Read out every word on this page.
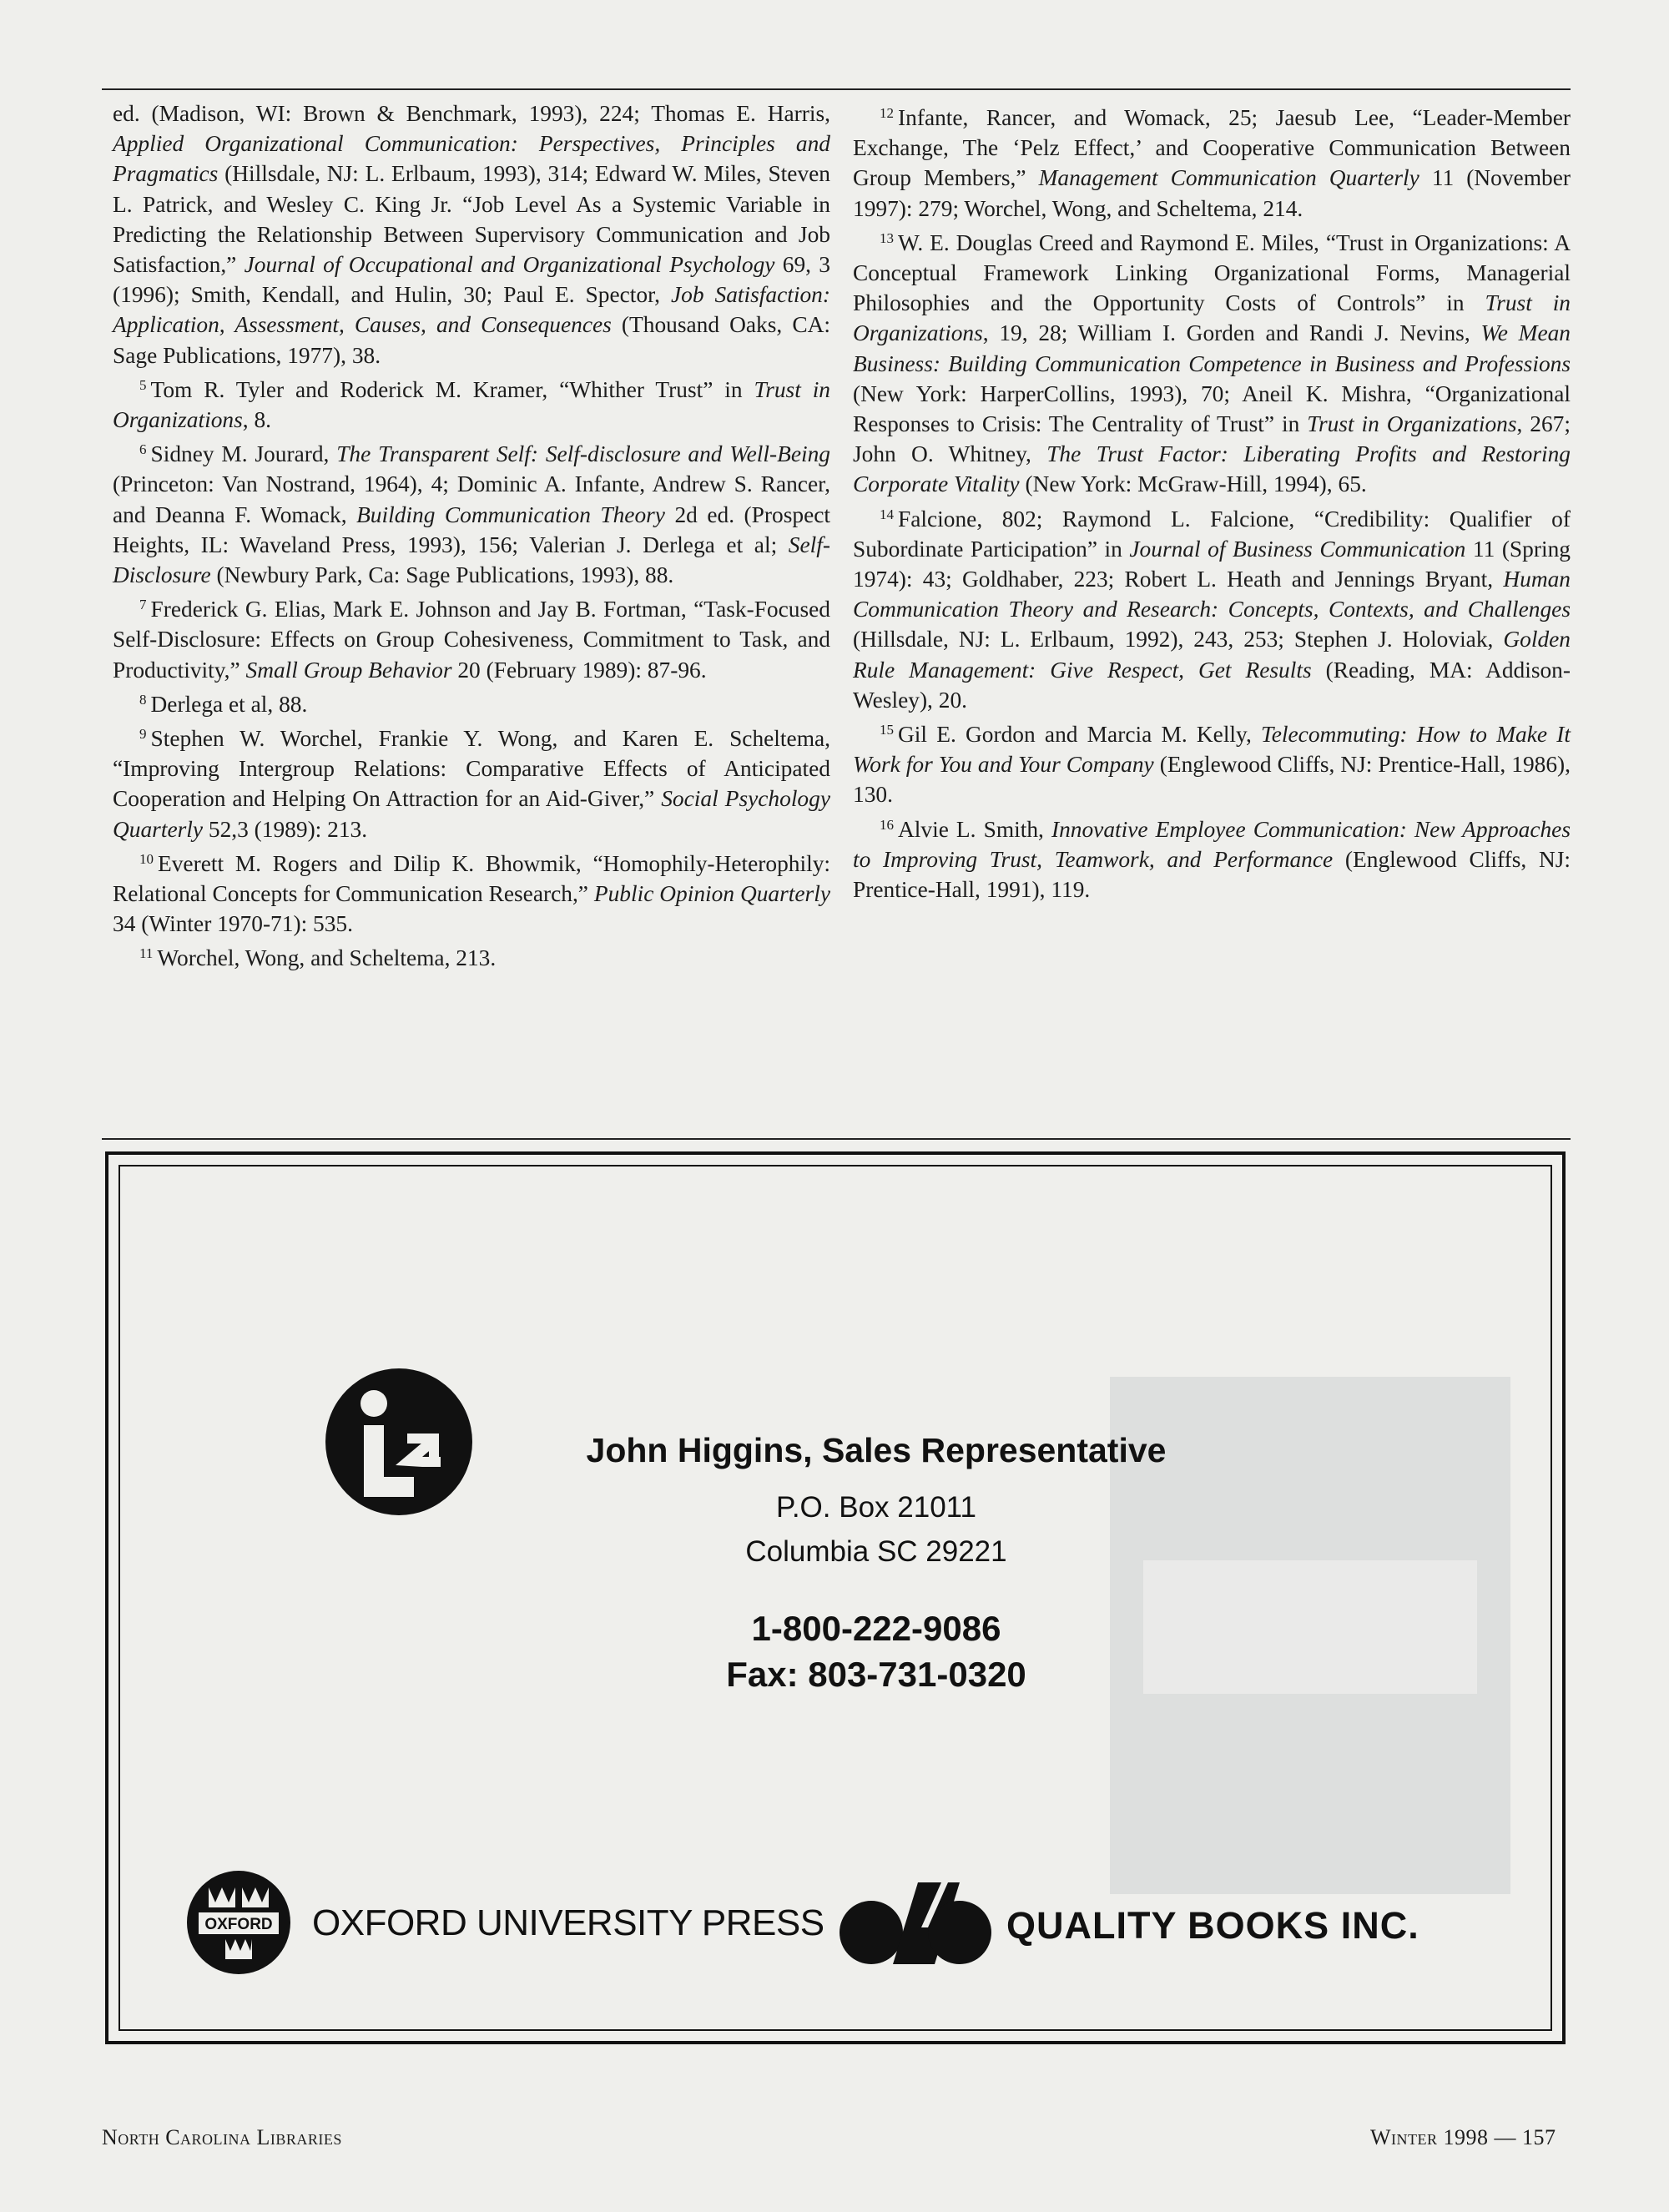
ed. (Madison, WI: Brown & Benchmark, 1993), 224; Thomas E. Harris, Applied Organizational Communication: Perspectives, Principles and Pragmatics (Hillsdale, NJ: L. Erlbaum, 1993), 314; Edward W. Miles, Steven L. Patrick, and Wesley C. King Jr. “Job Level As a Systemic Variable in Predicting the Relationship Between Supervisory Communication and Job Satisfaction,” Journal of Occupational and Organizational Psychology 69, 3 (1996); Smith, Kendall, and Hulin, 30; Paul E. Spector, Job Satisfaction: Application, Assessment, Causes, and Consequences (Thousand Oaks, CA: Sage Publications, 1977), 38.

$^5$ Tom R. Tyler and Roderick M. Kramer, “Whither Trust” in Trust in Organizations, 8.

$^6$ Sidney M. Jourard, The Transparent Self: Self-disclosure and Well-Being (Princeton: Van Nostrand, 1964), 4; Dominic A. Infante, Andrew S. Rancer, and Deanna F. Womack, Building Communication Theory 2d ed. (Prospect Heights, IL: Waveland Press, 1993), 156; Valerian J. Derlega et al; Self-Disclosure (Newbury Park, Ca: Sage Publications, 1993), 88.

$^7$ Frederick G. Elias, Mark E. Johnson and Jay B. Fortman, “Task-Focused Self-Disclosure: Effects on Group Cohesiveness, Commitment to Task, and Productivity,” Small Group Behavior 20 (February 1989): 87-96.

$^8$ Derlega et al, 88.

$^9$ Stephen W. Worchel, Frankie Y. Wong, and Karen E. Scheltema, “Improving Intergroup Relations: Comparative Effects of Anticipated Cooperation and Helping On Attraction for an Aid-Giver,” Social Psychology Quarterly 52,3 (1989): 213.

$^{10}$ Everett M. Rogers and Dilip K. Bhowmik, “Homophily-Heterophily: Relational Concepts for Communication Research,” Public Opinion Quarterly 34 (Winter 1970-71): 535.

$^{11}$ Worchel, Wong, and Scheltema, 213.

$^{12}$ Infante, Rancer, and Womack, 25; Jaesub Lee, “Leader-Member Exchange, The ‘Pelz Effect,’ and Cooperative Communication Between Group Members,” Management Communication Quarterly 11 (November 1997): 279; Worchel, Wong, and Scheltema, 214.

$^{13}$ W. E. Douglas Creed and Raymond E. Miles, “Trust in Organizations: A Conceptual Framework Linking Organizational Forms, Managerial Philosophies and the Opportunity Costs of Controls” in Trust in Organizations, 19, 28; William I. Gorden and Randi J. Nevins, We Mean Business: Building Communication Competence in Business and Professions (New York: HarperCollins, 1993), 70; Aneil K. Mishra, “Organizational Responses to Crisis: The Centrality of Trust” in Trust in Organizations, 267; John O. Whitney, The Trust Factor: Liberating Profits and Restoring Corporate Vitality (New York: McGraw-Hill, 1994), 65.

$^{14}$ Falcione, 802; Raymond L. Falcione, “Credibility: Qualifier of Subordinate Participation” in Journal of Business Communication 11 (Spring 1974): 43; Goldhaber, 223; Robert L. Heath and Jennings Bryant, Human Communication Theory and Research: Concepts, Contexts, and Challenges (Hillsdale, NJ: L. Erlbaum, 1992), 243, 253; Stephen J. Holoviak, Golden Rule Management: Give Respect, Get Results (Reading, MA: Addison-Wesley), 20.

$^{15}$ Gil E. Gordon and Marcia M. Kelly, Telecommuting: How to Make It Work for You and Your Company (Englewood Cliffs, NJ: Prentice-Hall, 1986), 130.

$^{16}$ Alvie L. Smith, Innovative Employee Communication: New Approaches to Improving Trust, Teamwork, and Performance (Englewood Cliffs, NJ: Prentice-Hall, 1991), 119.

John Higgins, Sales Representative
P.O. Box 21011
Columbia SC 29221
1-800-222-9086
Fax: 803-731-0320
OXFORD OXFORD UNIVERSITY PRESS	QUALITY BOOKS INC.
North Carolina Libraries	Winter 1998 — 157
